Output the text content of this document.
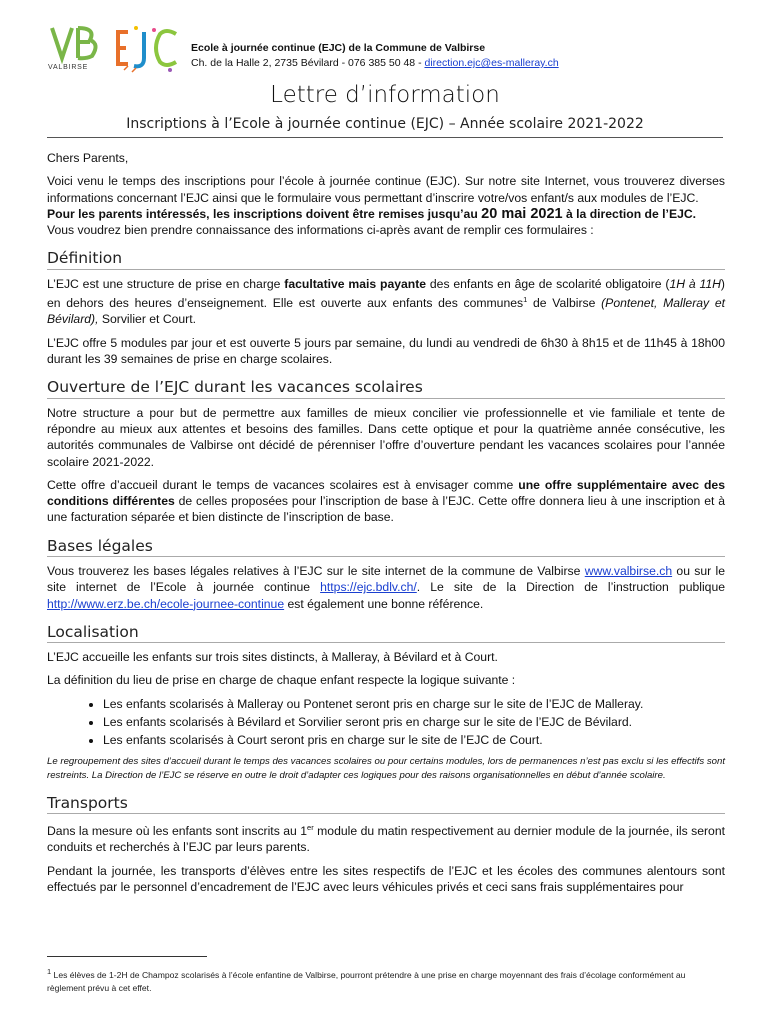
VALBIRSE
Ecole à journée continue (EJC) de la Commune de Valbirse
Ch. de la Halle 2, 2735 Bévilard - 076 385 50 48 - direction.ejc@es-malleray.ch
Lettre d’information
Inscriptions à l’Ecole à journée continue (EJC) – Année scolaire 2021-2022

Chers Parents,

Voici venu le temps des inscriptions pour l’école à journée continue (EJC). Sur notre site Internet, vous trouverez diverses informations concernant l’EJC ainsi que le formulaire vous permettant d’inscrire votre/vos enfant/s aux modules de l’EJC.

Pour les parents intéressés, les inscriptions doivent être remises jusqu’au 20 mai 2021 à la direction de l’EJC.
Vous voudrez bien prendre connaissance des informations ci-après avant de remplir ces formulaires :

Définition

L’EJC est une structure de prise en charge facultative mais payante des enfants en âge de scolarité obligatoire (1H à 11H) en dehors des heures d’enseignement. Elle est ouverte aux enfants des communes$^1$ de Valbirse (Pontenet, Malleray et Bévilard), Sorvilier et Court.

L’EJC offre 5 modules par jour et est ouverte 5 jours par semaine, du lundi au vendredi de 6h30 à 8h15 et de 11h45 à 18h00 durant les 39 semaines de prise en charge scolaires.

Ouverture de l’EJC durant les vacances scolaires

Notre structure a pour but de permettre aux familles de mieux concilier vie professionnelle et vie familiale et tente de répondre au mieux aux attentes et besoins des familles. Dans cette optique et pour la quatrième année consécutive, les autorités communales de Valbirse ont décidé de pérenniser l’offre d’ouverture pendant les vacances scolaires pour l’année scolaire 2021-2022.

Cette offre d’accueil durant le temps de vacances scolaires est à envisager comme une offre supplémentaire avec des conditions différentes de celles proposées pour l’inscription de base à l’EJC. Cette offre donnera lieu à une inscription et à une facturation séparée et bien distincte de l’inscription de base.

Bases légales

Vous trouverez les bases légales relatives à l’EJC sur le site internet de la commune de Valbirse www.valbirse.ch ou sur le site internet de l’Ecole à journée continue https://ejc.bdlv.ch/. Le site de la Direction de l’instruction publique http://www.erz.be.ch/ecole-journee-continue est également une bonne référence.

Localisation

L’EJC accueille les enfants sur trois sites distincts, à Malleray, à Bévilard et à Court.

La définition du lieu de prise en charge de chaque enfant respecte la logique suivante :

• Les enfants scolarisés à Malleray ou Pontenet seront pris en charge sur le site de l’EJC de Malleray.
• Les enfants scolarisés à Bévilard et Sorvilier seront pris en charge sur le site de l’EJC de Bévilard.
• Les enfants scolarisés à Court seront pris en charge sur le site de l’EJC de Court.

Le regroupement des sites d’accueil durant le temps des vacances scolaires ou pour certains modules, lors de permanences n’est pas exclu si les effectifs sont restreints. La Direction de l’EJC se réserve en outre le droit d’adapter ces logiques pour des raisons organisationnelles en début d’année scolaire.

Transports

Dans la mesure où les enfants sont inscrits au 1er module du matin respectivement au dernier module de la journée, ils seront conduits et recherchés à l’EJC par leurs parents.

Pendant la journée, les transports d’élèves entre les sites respectifs de l’EJC et les écoles des communes alentours sont effectués par le personnel d’encadrement de l’EJC avec leurs véhicules privés et ceci sans frais supplémentaires pour

$^1$ Les élèves de 1-2H de Champoz scolarisés à l’école enfantine de Valbirse, pourront prétendre à une prise en charge moyennant des frais d’écolage conformément au règlement prévu à cet effet.
